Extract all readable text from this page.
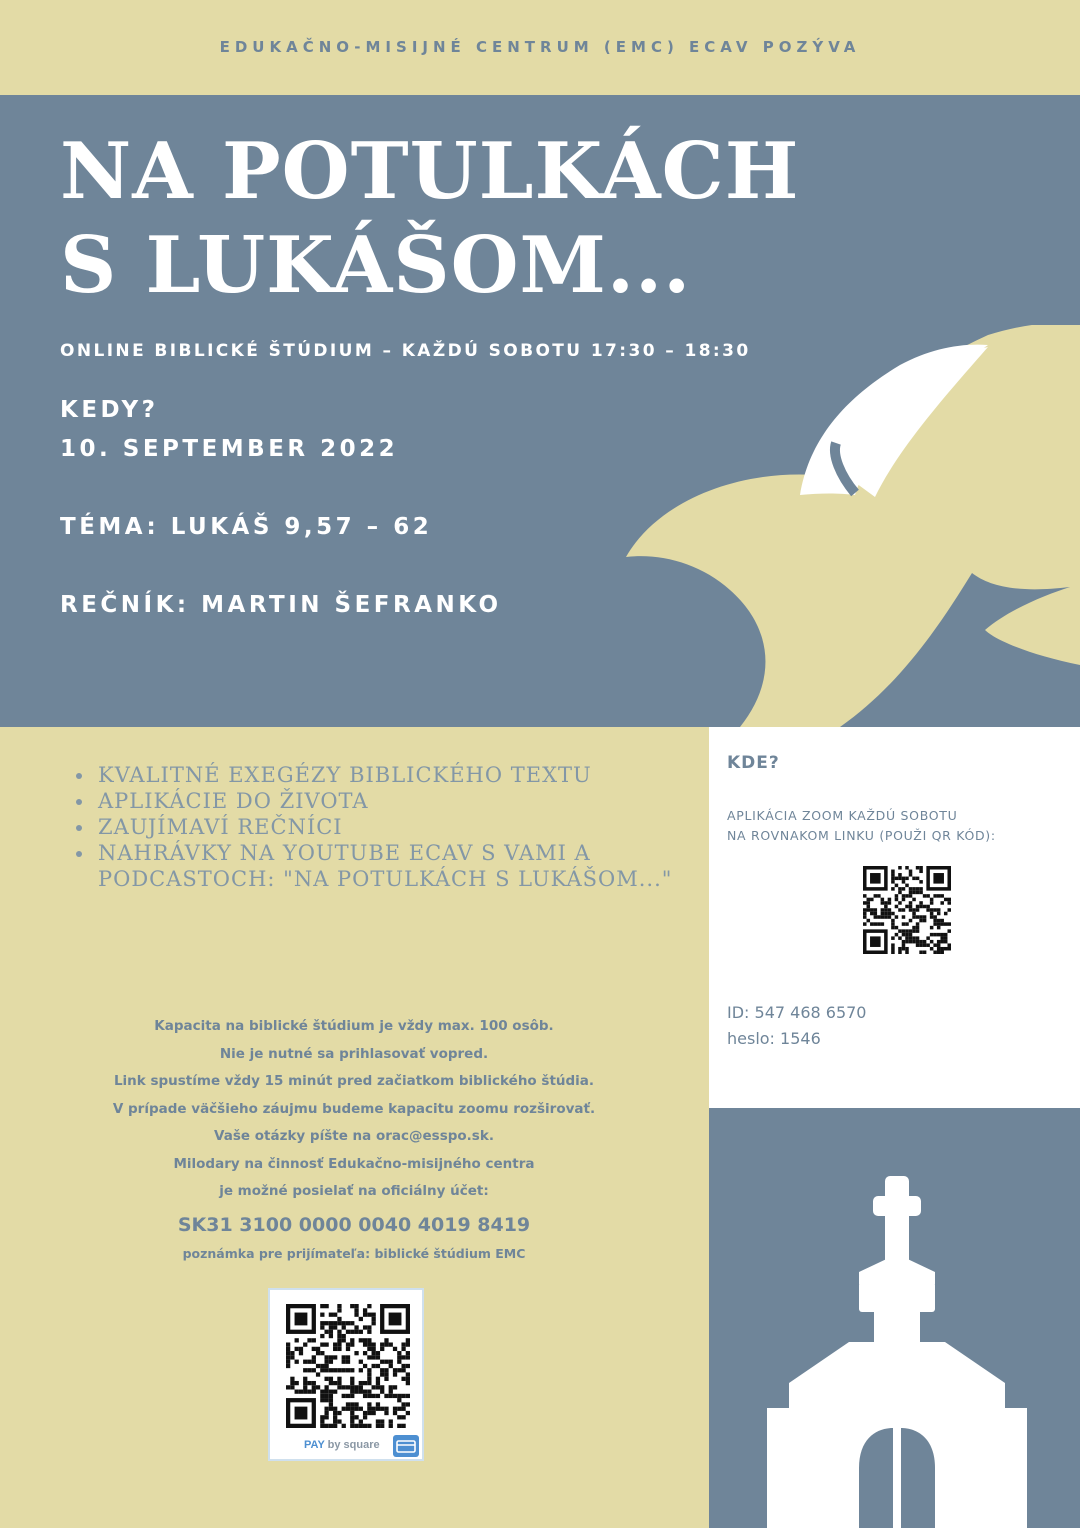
EDUKAČNO-MISIJNÉ CENTRUM (EMC) ECAV POZÝVA
NA POTULKÁCH
S LUKÁŠOM...
ONLINE BIBLICKÉ ŠTÚDIUM – KAŽDÚ SOBOTU 17:30 – 18:30
KEDY?
10. SEPTEMBER 2022
TÉMA: LUKÁŠ 9,57 – 62
REČNÍK: MARTIN ŠEFRANKO
KVALITNÉ EXEGÉZY BIBLICKÉHO TEXTU
APLIKÁCIE DO ŽIVOTA
ZAUJÍMAVÍ REČNÍCI
NAHRÁVKY NA YOUTUBE ECAV S VAMI A PODCASTOCH: "NA POTULKÁCH S LUKÁŠOM..."
Kapacita na biblické štúdium je vždy max. 100 osôb.
Nie je nutné sa prihlasovať vopred.
Link spustíme vždy 15 minút pred začiatkom biblického štúdia.
V prípade väčšieho záujmu budeme kapacitu zoomu rozširovať.
Vaše otázky píšte na orac@esspo.sk.
Milodary na činnosť Edukačno-misijného centra
je možné posielať na oficiálny účet:
SK31 3100 0000 0040 4019 8419
poznámka pre prijímateľa: biblické štúdium EMC
PAY by square
KDE?
APLIKÁCIA ZOOM KAŽDÚ SOBOTU
NA ROVNAKOM LINKU (POUŽI QR KÓD):
ID: 547 468 6570
heslo: 1546
